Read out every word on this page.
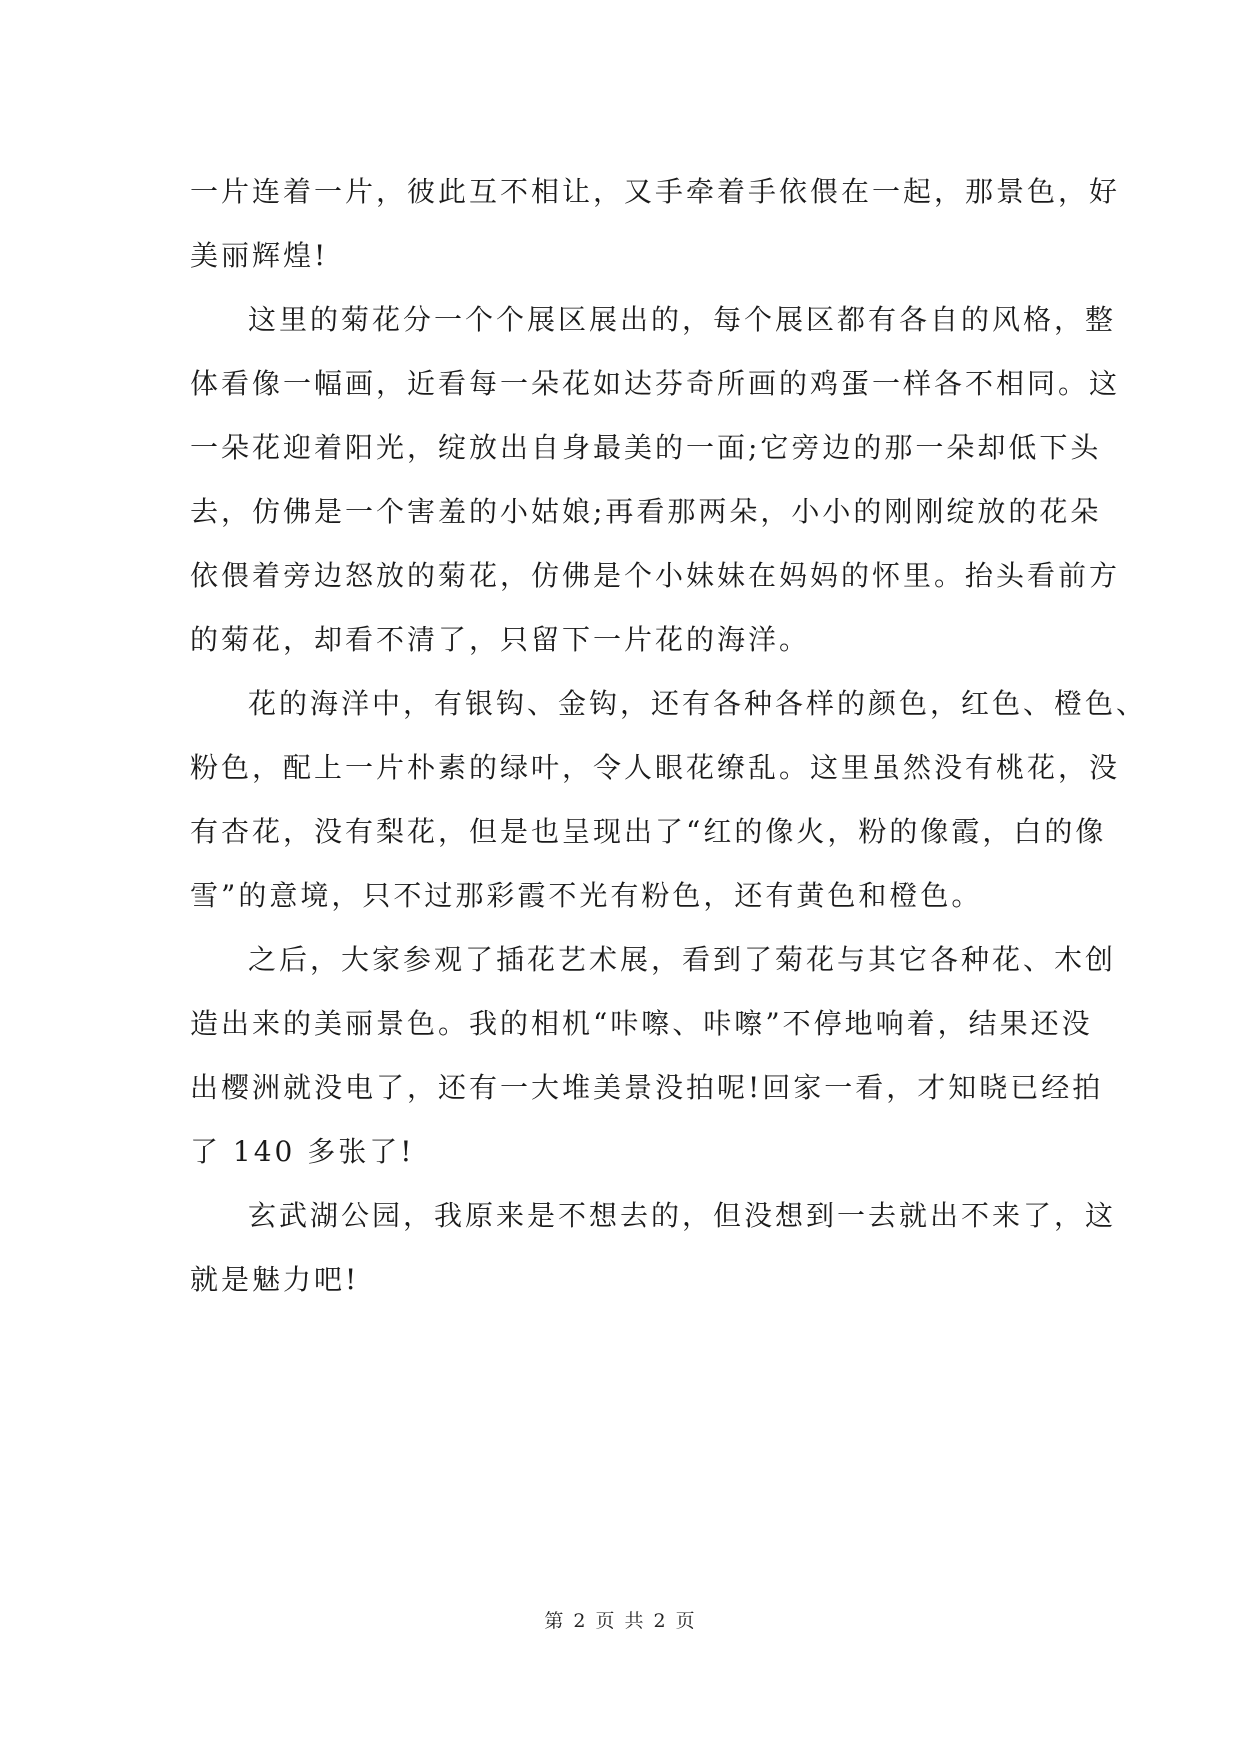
一片连着一片，彼此互不相让，又手牵着手依偎在一起，那景色，好
美丽辉煌!
这里的菊花分一个个展区展出的，每个展区都有各自的风格，整
体看像一幅画，近看每一朵花如达芬奇所画的鸡蛋一样各不相同。这
一朵花迎着阳光，绽放出自身最美的一面;它旁边的那一朵却低下头
去，仿佛是一个害羞的小姑娘;再看那两朵，小小的刚刚绽放的花朵
依偎着旁边怒放的菊花，仿佛是个小妹妹在妈妈的怀里。抬头看前方
的菊花，却看不清了，只留下一片花的海洋。
花的海洋中，有银钩、金钩，还有各种各样的颜色，红色、橙色、
粉色，配上一片朴素的绿叶，令人眼花缭乱。这里虽然没有桃花，没
有杏花，没有梨花，但是也呈现出了“红的像火，粉的像霞，白的像
雪”的意境，只不过那彩霞不光有粉色，还有黄色和橙色。
之后，大家参观了插花艺术展，看到了菊花与其它各种花、木创
造出来的美丽景色。我的相机“咔嚓、咔嚓”不停地响着，结果还没
出樱洲就没电了，还有一大堆美景没拍呢!回家一看，才知晓已经拍
了 140 多张了!
玄武湖公园，我原来是不想去的，但没想到一去就出不来了，这
就是魅力吧!
第 2 页 共 2 页
